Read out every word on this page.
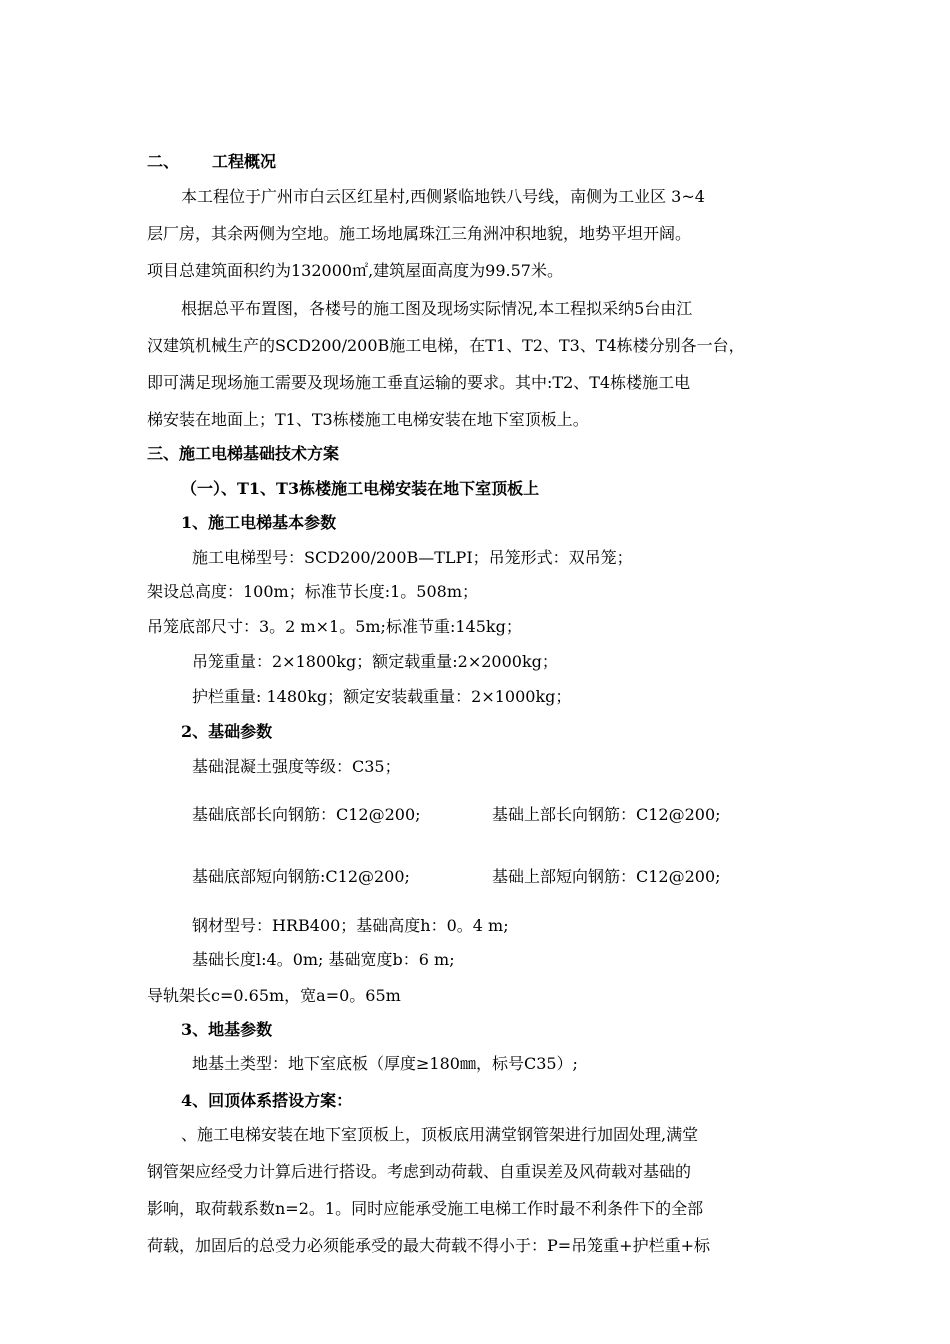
二、 工程概况
本工程位于广州市白云区红星村,西侧紧临地铁八号线，南侧为工业区 3~4
层厂房，其余两侧为空地。施工场地属珠江三角洲冲积地貌，地势平坦开阔。
项目总建筑面积约为132000㎡,建筑屋面高度为99.57米。
根据总平布置图，各楼号的施工图及现场实际情况,本工程拟采纳5台由江
汉建筑机械生产的SCD200/200B施工电梯，在T1、T2、T3、T4栋楼分别各一台，
即可满足现场施工需要及现场施工垂直运输的要求。其中:T2、T4栋楼施工电
梯安装在地面上；T1、T3栋楼施工电梯安装在地下室顶板上。
三、施工电梯基础技术方案
（一）、T1、T3栋楼施工电梯安装在地下室顶板上
1、施工电梯基本参数
施工电梯型号：SCD200/200B—TLPI；吊笼形式：双吊笼；
架设总高度：100m；标准节长度:1。508m；
吊笼底部尺寸：3。2 m×1。5m;标准节重:145kg；
吊笼重量：2×1800kg；额定载重量:2×2000kg；
护栏重量: 1480kg；额定安装载重量：2×1000kg；
2、基础参数
基础混凝土强度等级：C35；
基础底部长向钢筋：C12@200;	基础上部长向钢筋：C12@200;
基础底部短向钢筋:C12@200;	基础上部短向钢筋：C12@200;
钢材型号：HRB400；基础高度h：0。4 m;
基础长度l:4。0m; 基础宽度b：6 m;
导轨架长c=0.65m，宽a=0。65m
3、地基参数
地基土类型：地下室底板（厚度≥180㎜，标号C35）;
4、回顶体系搭设方案：
、施工电梯安装在地下室顶板上，顶板底用满堂钢管架进行加固处理,满堂
钢管架应经受力计算后进行搭设。考虑到动荷载、自重误差及风荷载对基础的
影响，取荷载系数n=2。1。同时应能承受施工电梯工作时最不利条件下的全部
荷载，加固后的总受力必须能承受的最大荷载不得小于：P=吊笼重+护栏重+标
